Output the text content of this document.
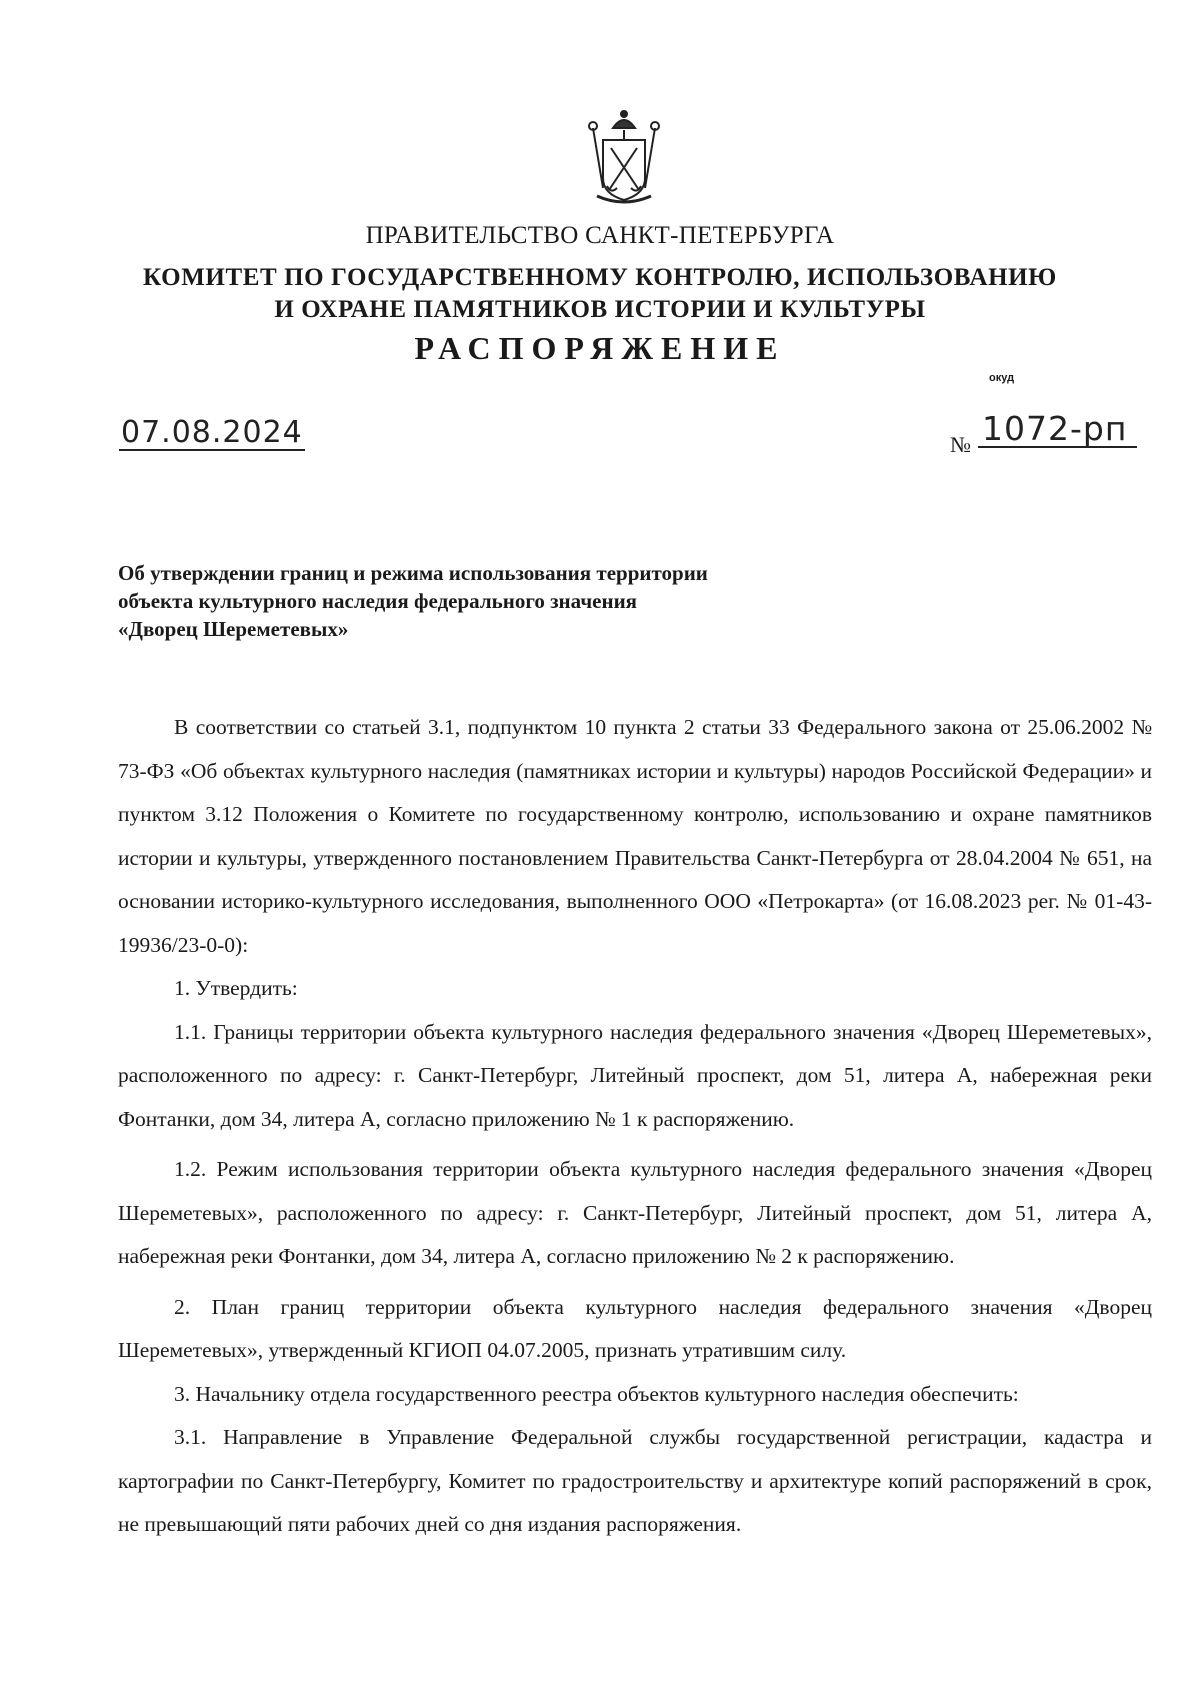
ПРАВИТЕЛЬСТВО САНКТ-ПЕТЕРБУРГА
КОМИТЕТ ПО ГОСУДАРСТВЕННОМУ КОНТРОЛЮ, ИСПОЛЬЗОВАНИЮ
И ОХРАНЕ ПАМЯТНИКОВ ИСТОРИИ И КУЛЬТУРЫ
РАСПОРЯЖЕНИЕ
окуд
07.08.2024	№ 1072-рп
Об утверждении границ и режима использования территории
объекта культурного наследия федерального значения
«Дворец Шереметевых»

В соответствии со статьей 3.1, подпунктом 10 пункта 2 статьи 33 Федерального закона от 25.06.2002 № 73-ФЗ «Об объектах культурного наследия (памятниках истории и культуры) народов Российской Федерации» и пунктом 3.12 Положения о Комитете по государственному контролю, использованию и охране памятников истории и культуры, утвержденного постановлением Правительства Санкт-Петербурга от 28.04.2004 № 651, на основании историко-культурного исследования, выполненного ООО «Петрокарта» (от 16.08.2023 рег. № 01-43-19936/23-0-0):

1. Утвердить:

1.1. Границы территории объекта культурного наследия федерального значения «Дворец Шереметевых», расположенного по адресу: г. Санкт-Петербург, Литейный проспект, дом 51, литера А, набережная реки Фонтанки, дом 34, литера А, согласно приложению № 1 к распоряжению.

1.2. Режим использования территории объекта культурного наследия федерального значения «Дворец Шереметевых», расположенного по адресу: г. Санкт-Петербург, Литейный проспект, дом 51, литера А, набережная реки Фонтанки, дом 34, литера А, согласно приложению № 2 к распоряжению.

2. План границ территории объекта культурного наследия федерального значения «Дворец Шереметевых», утвержденный КГИОП 04.07.2005, признать утратившим силу.

3. Начальнику отдела государственного реестра объектов культурного наследия обеспечить:

3.1. Направление в Управление Федеральной службы государственной регистрации, кадастра и картографии по Санкт-Петербургу, Комитет по градостроительству и архитектуре копий распоряжений в срок, не превышающий пяти рабочих дней со дня издания распоряжения.
